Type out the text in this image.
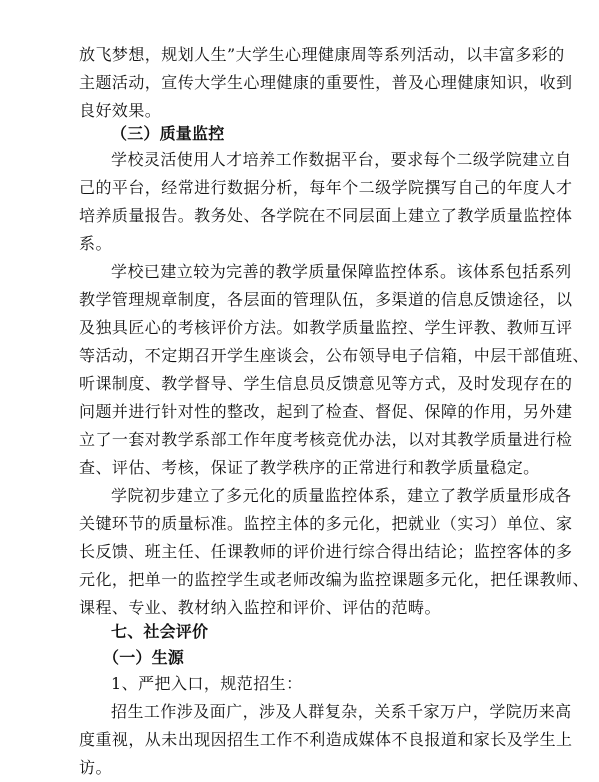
放飞梦想，规划人生”大学生心理健康周等系列活动，以丰富多彩的
主题活动，宣传大学生心理健康的重要性，普及心理健康知识，收到
良好效果。
（三）质量监控
学校灵活使用人才培养工作数据平台，要求每个二级学院建立自
己的平台，经常进行数据分析，每年个二级学院撰写自己的年度人才
培养质量报告。教务处、各学院在不同层面上建立了教学质量监控体
系。
学校已建立较为完善的教学质量保障监控体系。该体系包括系列
教学管理规章制度，各层面的管理队伍，多渠道的信息反馈途径，以
及独具匠心的考核评价方法。如教学质量监控、学生评教、教师互评
等活动，不定期召开学生座谈会，公布领导电子信箱，中层干部值班、
听课制度、教学督导、学生信息员反馈意见等方式，及时发现存在的
问题并进行针对性的整改，起到了检查、督促、保障的作用，另外建
立了一套对教学系部工作年度考核竞优办法，以对其教学质量进行检
查、评估、考核，保证了教学秩序的正常进行和教学质量稳定。
学院初步建立了多元化的质量监控体系，建立了教学质量形成各
关键环节的质量标准。监控主体的多元化，把就业（实习）单位、家
长反馈、班主任、任课教师的评价进行综合得出结论；监控客体的多
元化，把单一的监控学生或老师改编为监控课题多元化，把任课教师、
课程、专业、教材纳入监控和评价、评估的范畴。
七、社会评价
（一）生源
1、严把入口，规范招生：
招生工作涉及面广，涉及人群复杂，关系千家万户，学院历来高
度重视，从未出现因招生工作不利造成媒体不良报道和家长及学生上
访。
